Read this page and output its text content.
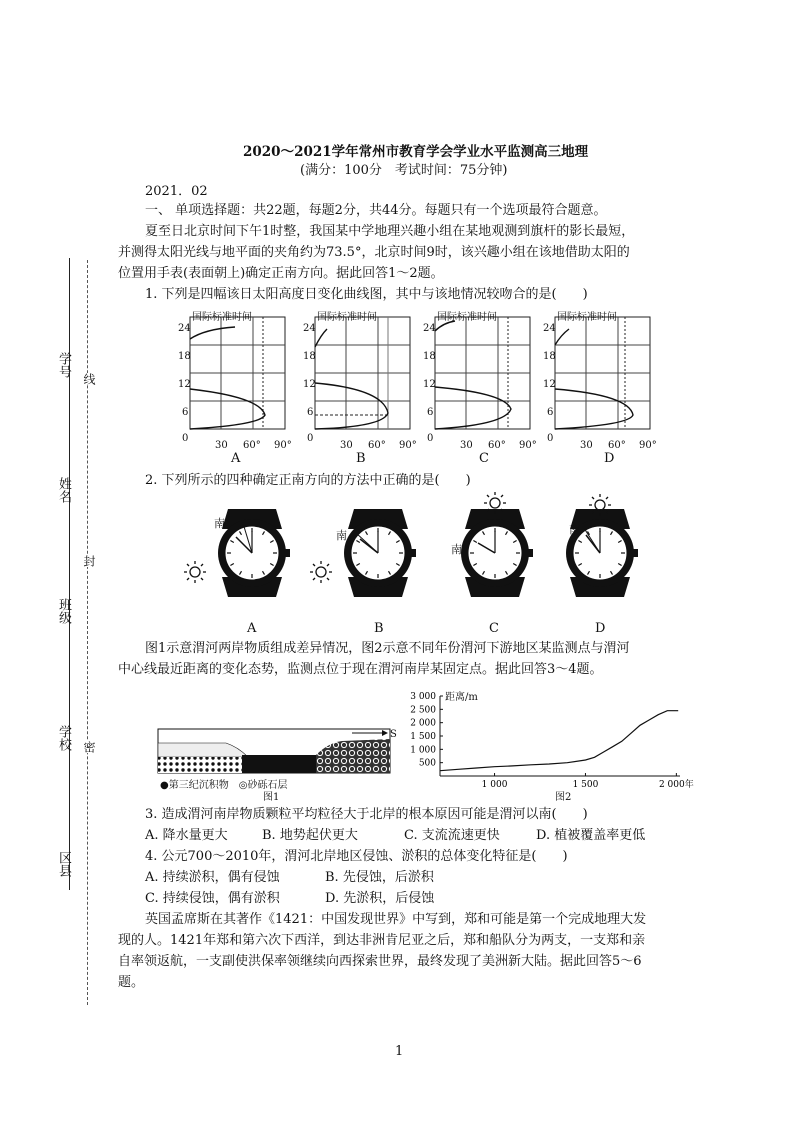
学号
姓名
班级
学校
区县
线
封
密
2020～2021学年常州市教育学会学业水平监测高三地理
(满分：100分　考试时间：75分钟)
2021．02
一、 单项选择题：共22题，每题2分，共44分。每题只有一个选项最符合题意。
夏至日北京时间下午1时整，我国某中学地理兴趣小组在某地观测到旗杆的影长最短，
并测得太阳光线与地平面的夹角约为73.5°，北京时间9时，该兴趣小组在该地借助太阳的
位置用手表(表面朝上)确定正南方向。据此回答1～2题。
1. 下列是四幅该日太阳高度日变化曲线图，其中与该地情况较吻合的是(　　)
国际标准时间	国际标准时间	国际标准时间	国际标准时间
24
18
12
6
0
24
18
12
6
0
24
18
12
6
0
24
18
12
6
0
30 60° 90°	30 60° 90°	30 60° 90°	30 60° 90°
A	B	C	D
2. 下列所示的四种确定正南方向的方法中正确的是(　　)
南
南
南
南
A	B	C	D
图1示意渭河两岸物质组成差异情况，图2示意不同年份渭河下游地区某监测点与渭河
中心线最近距离的变化态势，监测点位于现在渭河南岸某固定点。据此回答3～4题。
S
●第三纪沉积物　◎砂砾石层
图1
3 000
2 500
2 000
1 500
1 000
500
1 000	1 500	2 000年
距离/m
图2
3. 造成渭河南岸物质颗粒平均粒径大于北岸的根本原因可能是渭河以南(　　)
A. 降水量更大	B. 地势起伏更大	C. 支流流速更快	D. 植被覆盖率更低
4. 公元700～2010年，渭河北岸地区侵蚀、淤积的总体变化特征是(　　)
A. 持续淤积，偶有侵蚀	B. 先侵蚀，后淤积
C. 持续侵蚀，偶有淤积	D. 先淤积，后侵蚀
英国孟席斯在其著作《1421：中国发现世界》中写到，郑和可能是第一个完成地理大发
现的人。1421年郑和第六次下西洋，到达非洲肯尼亚之后，郑和船队分为两支，一支郑和亲
自率领返航，一支副使洪保率领继续向西探索世界，最终发现了美洲新大陆。据此回答5～6
题。
1
